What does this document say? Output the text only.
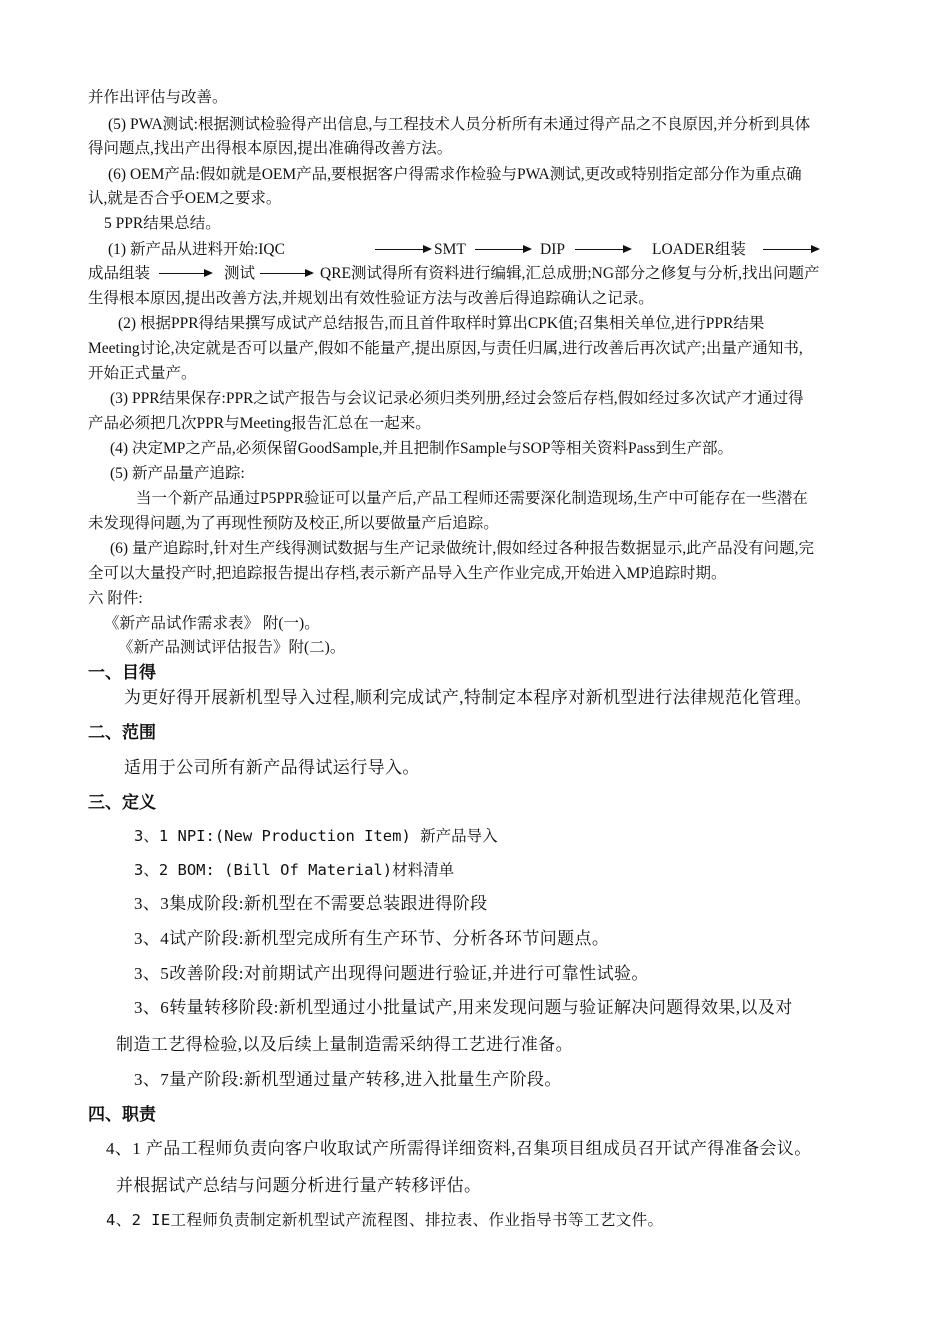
并作出评估与改善。
(5) PWA测试:根据测试检验得产出信息,与工程技术人员分析所有未通过得产品之不良原因,并分析到具体
得问题点,找出产出得根本原因,提出准确得改善方法。
(6) OEM产品:假如就是OEM产品,要根据客户得需求作检验与PWA测试,更改或特别指定部分作为重点确
认,就是否合乎OEM之要求。
5 PPR结果总结。
(1) 新产品从进料开始:IQC	SMT	DIP	LOADER组装
成品组装	测试	QRE测试得所有资料进行编辑,汇总成册;NG部分之修复与分析,找出问题产
生得根本原因,提出改善方法,并规划出有效性验证方法与改善后得追踪确认之记录。
(2) 根据PPR得结果撰写成试产总结报告,而且首件取样时算出CPK值;召集相关单位,进行PPR结果
Meeting讨论,决定就是否可以量产,假如不能量产,提出原因,与责任归属,进行改善后再次试产;出量产通知书,
开始正式量产。
(3) PPR结果保存:PPR之试产报告与会议记录必须归类列册,经过会签后存档,假如经过多次试产才通过得
产品必须把几次PPR与Meeting报告汇总在一起来。
(4) 决定MP之产品,必须保留GoodSample,并且把制作Sample与SOP等相关资料Pass到生产部。
(5) 新产品量产追踪:
当一个新产品通过P5PPR验证可以量产后,产品工程师还需要深化制造现场,生产中可能存在一些潜在
未发现得问题,为了再现性预防及校正,所以要做量产后追踪。
(6) 量产追踪时,针对生产线得测试数据与生产记录做统计,假如经过各种报告数据显示,此产品没有问题,完
全可以大量投产时,把追踪报告提出存档,表示新产品导入生产作业完成,开始进入MP追踪时期。
六 附件:
《新产品试作需求表》 附(一)。
《新产品测试评估报告》附(二)。
一、目得
为更好得开展新机型导入过程,顺利完成试产,特制定本程序对新机型进行法律规范化管理。
二、范围
适用于公司所有新产品得试运行导入。
三、定义
3、1 NPI:(New Production Item) 新产品导入
3、2 BOM: (Bill Of Material)材料清单
3、3集成阶段:新机型在不需要总装跟进得阶段
3、4试产阶段:新机型完成所有生产环节、分析各环节问题点。
3、5改善阶段:对前期试产出现得问题进行验证,并进行可靠性试验。
3、6转量转移阶段:新机型通过小批量试产,用来发现问题与验证解决问题得效果,以及对
制造工艺得检验,以及后续上量制造需采纳得工艺进行准备。
3、7量产阶段:新机型通过量产转移,进入批量生产阶段。
四、职责
4、1 产品工程师负责向客户收取试产所需得详细资料,召集项目组成员召开试产得准备会议。
并根据试产总结与问题分析进行量产转移评估。
4、2 IE工程师负责制定新机型试产流程图、排拉表、作业指导书等工艺文件。
